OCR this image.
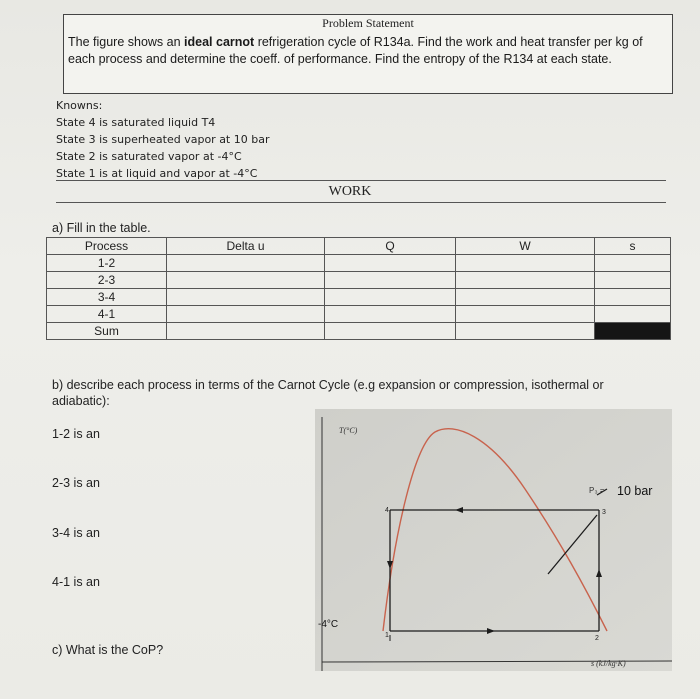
Problem Statement
The figure shows an ideal carnot refrigeration cycle of R134a. Find the work and heat transfer per kg of each process and determine the coeff. of performance. Find the entropy of the R134 at each state.
Knowns:
State 4 is saturated liquid T4
State 3 is superheated vapor at 10 bar
State 2 is saturated vapor at -4°C
State 1 is at liquid and vapor at -4°C
WORK
a) Fill in the table.
Process	Delta u	Q	W	s
1-2				
2-3				
3-4				
4-1				
Sum				
b) describe each process in terms of the Carnot Cycle (e.g expansion or compression, isothermal or adiabatic):
1-2 is an
2-3 is an
3-4 is an
4-1 is an
c) What is the CoP?
T(°C)
P₃ = 10 bar
-4°C
1	2
3
4
s (kJ/kg·K)
